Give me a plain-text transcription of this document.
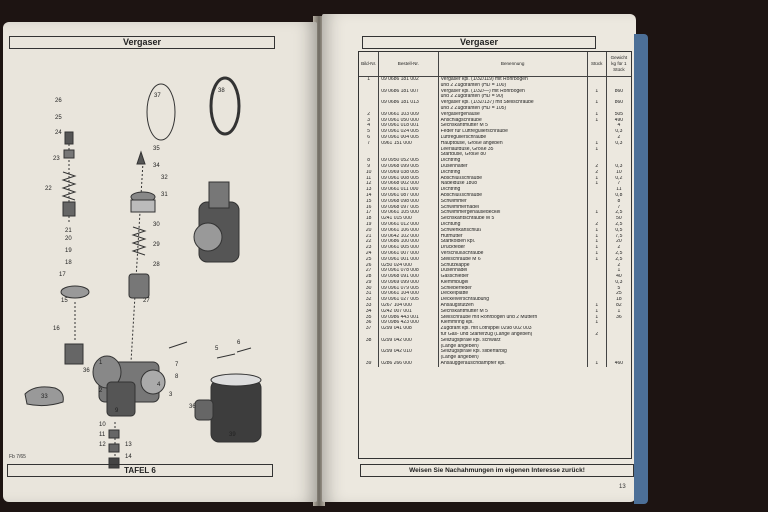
Vergaser
26
25
24
23
22
37
38
35
34
32
31
30
29
28
27
21
20
19
18
17
16
15
1
2
3
4
5
6
7
8
9
10
11
12	13
14
33
36
39
36
Fb 7/65
TAFEL 6
Vergaser
Bild-Nr.	Bestell-Nr.	Benennung	Stück	Gewicht kg für 1 Stück
1	09 0686 181 002	Vergaser kpl. (1/32/119) mit Rohrbogen		
		und 2 Zugdrähten (HD = 100)		
	09 0686 181 007	Vergaser kpl. (1/32/—) mit Rohrbogen	1	860
		und 2 Zugdrähten (HD = 90)		
	09 0686 181 013	Vergaser kpl. (1/32/137) mit Stellschraube	1	860
		und 2 Zugdrähten (HD = 105)		
2	09 0661 103 009	Vergasergehäuse	1	505
3	09 0961 050 000	Anschlagschraube	1	490
4	09 0961 018 001	Sechskantmutter M 5		4
5	09 0961 024 005	Feder für Luftregulierschraube		0,3
6	09 0961 004 005	Luftregulierschraube		2
7	0961 151 000	Hauptdüse, Größe angeben	1	0,3
		Leerlaufdüse, Größe 35	1	
		Startdüse, Größe 80		
8	09 0950 052 005	Dichtring		
9	09 0968 099 005	Düsenhalter	2	0,3
10	09 0969 038 005	Dichtring	2	10
11	09 0961 008 005	Abschlußschraube	1	0,2
12	09 0668 002 000	Nadeldüse 1808	1	7
13	09 0661 011 000	Dichtring		11
14	09 0961 087 000	Abschlußschraube		0,8
15	09 0968 098 000	Schwimmer		8
16	09 0968 097 005	Schwimmernadel		7
17	09 0661 105 000	Schwimmergehäusedeckel	1	2,5
18	0241 015 000	Sechskantschraube M 5		50
19	09 0661 012 000	Dichtung	2	2,5
20	09 0661 106 000	Schwenkanschluß	1	0,5
21	09 0642 102 000	Hutmutter	1	7,5
22	09 0686 100 000	Startkolben kpl.	1	20
23	09 0661 005 000	Druckfeder	1	2
24	09 0661 007 000	Verschlußschraube	1	2,5
25	09 0961 001 000	Stellschraube M 6	1	2,5
26	0250 024 000	Schutzkappe		2
27	09 0961 078 008	Düsennadel		1
28	09 0968 091 000	Gasschieber		40
29	09 0969 099 000	Klemmbügel		0,3
30	09 0961 079 005	Schieberfeder		5
31	09 0661 104 000	Deckelplatte		25
32	09 0961 027 005	Deckelverschraubung		18
33	0267 104 000	Ansaugstutzen	1	82
34	0242 007 001	Sechskantmutter M 5	1	1
35	09 0986 443 001	Stellschraube mit Rohrbogen und 2 Muttern	1	36
36	09 0986 423 000	Klemmring kpl.	1	
37	0299 041 008	Zugdraht kpl. mit Lötnippel 0298 002 003		
		für Gas- und Starterzug (Länge angeben)	2	
38	0299 042 000	Seilzugspirale kpl. schwarz		
		(Länge angeben)		
	0299 042 010	Seilzugspirale kpl. silberfarbig		
		(Länge angeben)		
39	0286 266 000	Ansauggeräuschdämpfer kpl.	1	460
Weisen Sie Nachahmungen im eigenen Interesse zurück!
13
